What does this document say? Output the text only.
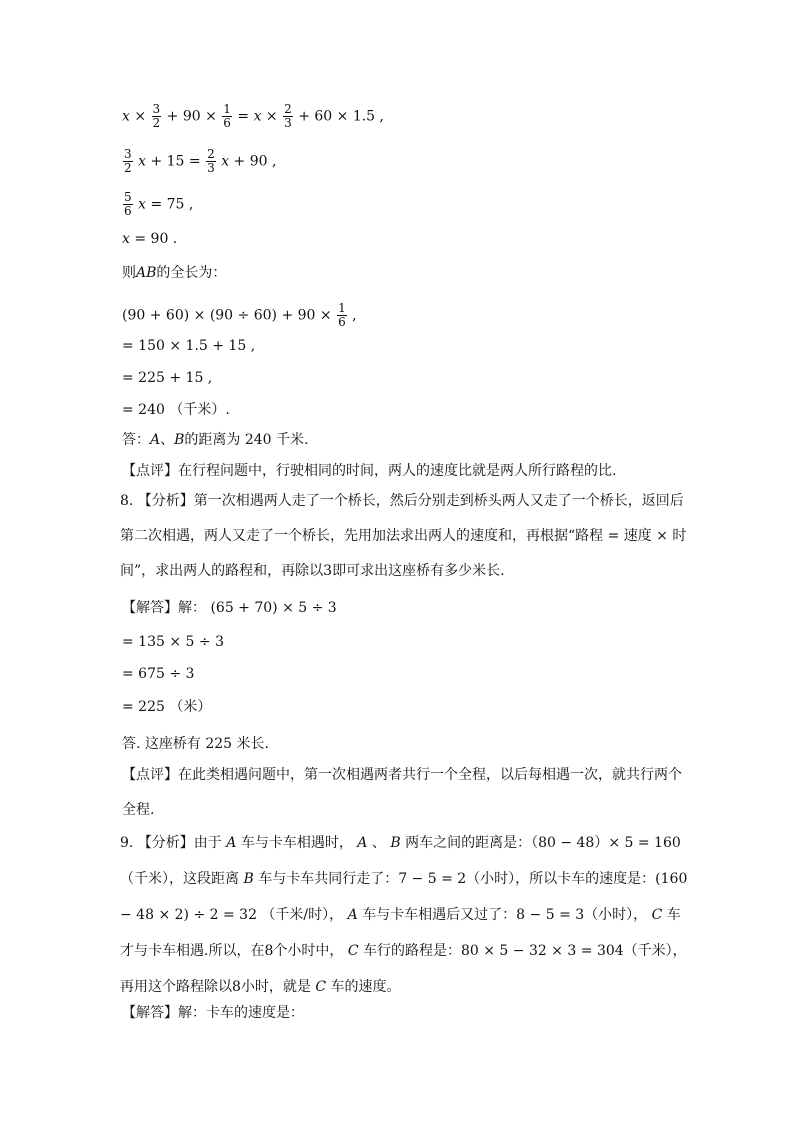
$x \times \frac{3}{2} + 90 \times \frac{1}{6} = x \times \frac{2}{3} + 60 \times 1.5$ ,
$\frac{3}{2}$ $x + 15 = \frac{2}{3}$ x + 90 ,
$\frac{5}{6}$ x = 75 ,
x = 90 .
则AB的全长为：
$(90 + 60) \times (90 \div 60) + 90 \times \frac{1}{6}$ ,
= 150 × 1.5 + 15 ,
= 225 + 15 ,
= 240 （千米）.
答：A、B的距离为 240 千米.
【点评】在行程问题中，行驶相同的时间，两人的速度比就是两人所行路程的比.
8. 【分析】第一次相遇两人走了一个桥长，然后分别走到桥头两人又走了一个桥长，返回后第二次相遇，两人又走了一个桥长，先用加法求出两人的速度和，再根据“路程 = 速度 × 时间”，求出两人的路程和，再除以3即可求出这座桥有多少米长.
【解答】解： (65 + 70) × 5 ÷ 3
= 135 × 5 ÷ 3
= 675 ÷ 3
= 225 （米）
答. 这座桥有 225 米长.
【点评】在此类相遇问题中，第一次相遇两者共行一个全程，以后每相遇一次，就共行两个全程.
9. 【分析】由于 A 车与卡车相遇时， A 、 B 两车之间的距离是：（80 − 48）× 5 = 160（千米），这段距离 B 车与卡车共同行走了：7 − 5 = 2（小时），所以卡车的速度是：(160 − 48 × 2) ÷ 2 = 32 （千米/时）， A 车与卡车相遇后又过了：8 − 5 = 3（小时）， C 车才与卡车相遇.所以，在8个小时中， C 车行的路程是：80 × 5 − 32 × 3 = 304（千米），再用这个路程除以8小时，就是 C 车的速度。
【解答】解：卡车的速度是：
